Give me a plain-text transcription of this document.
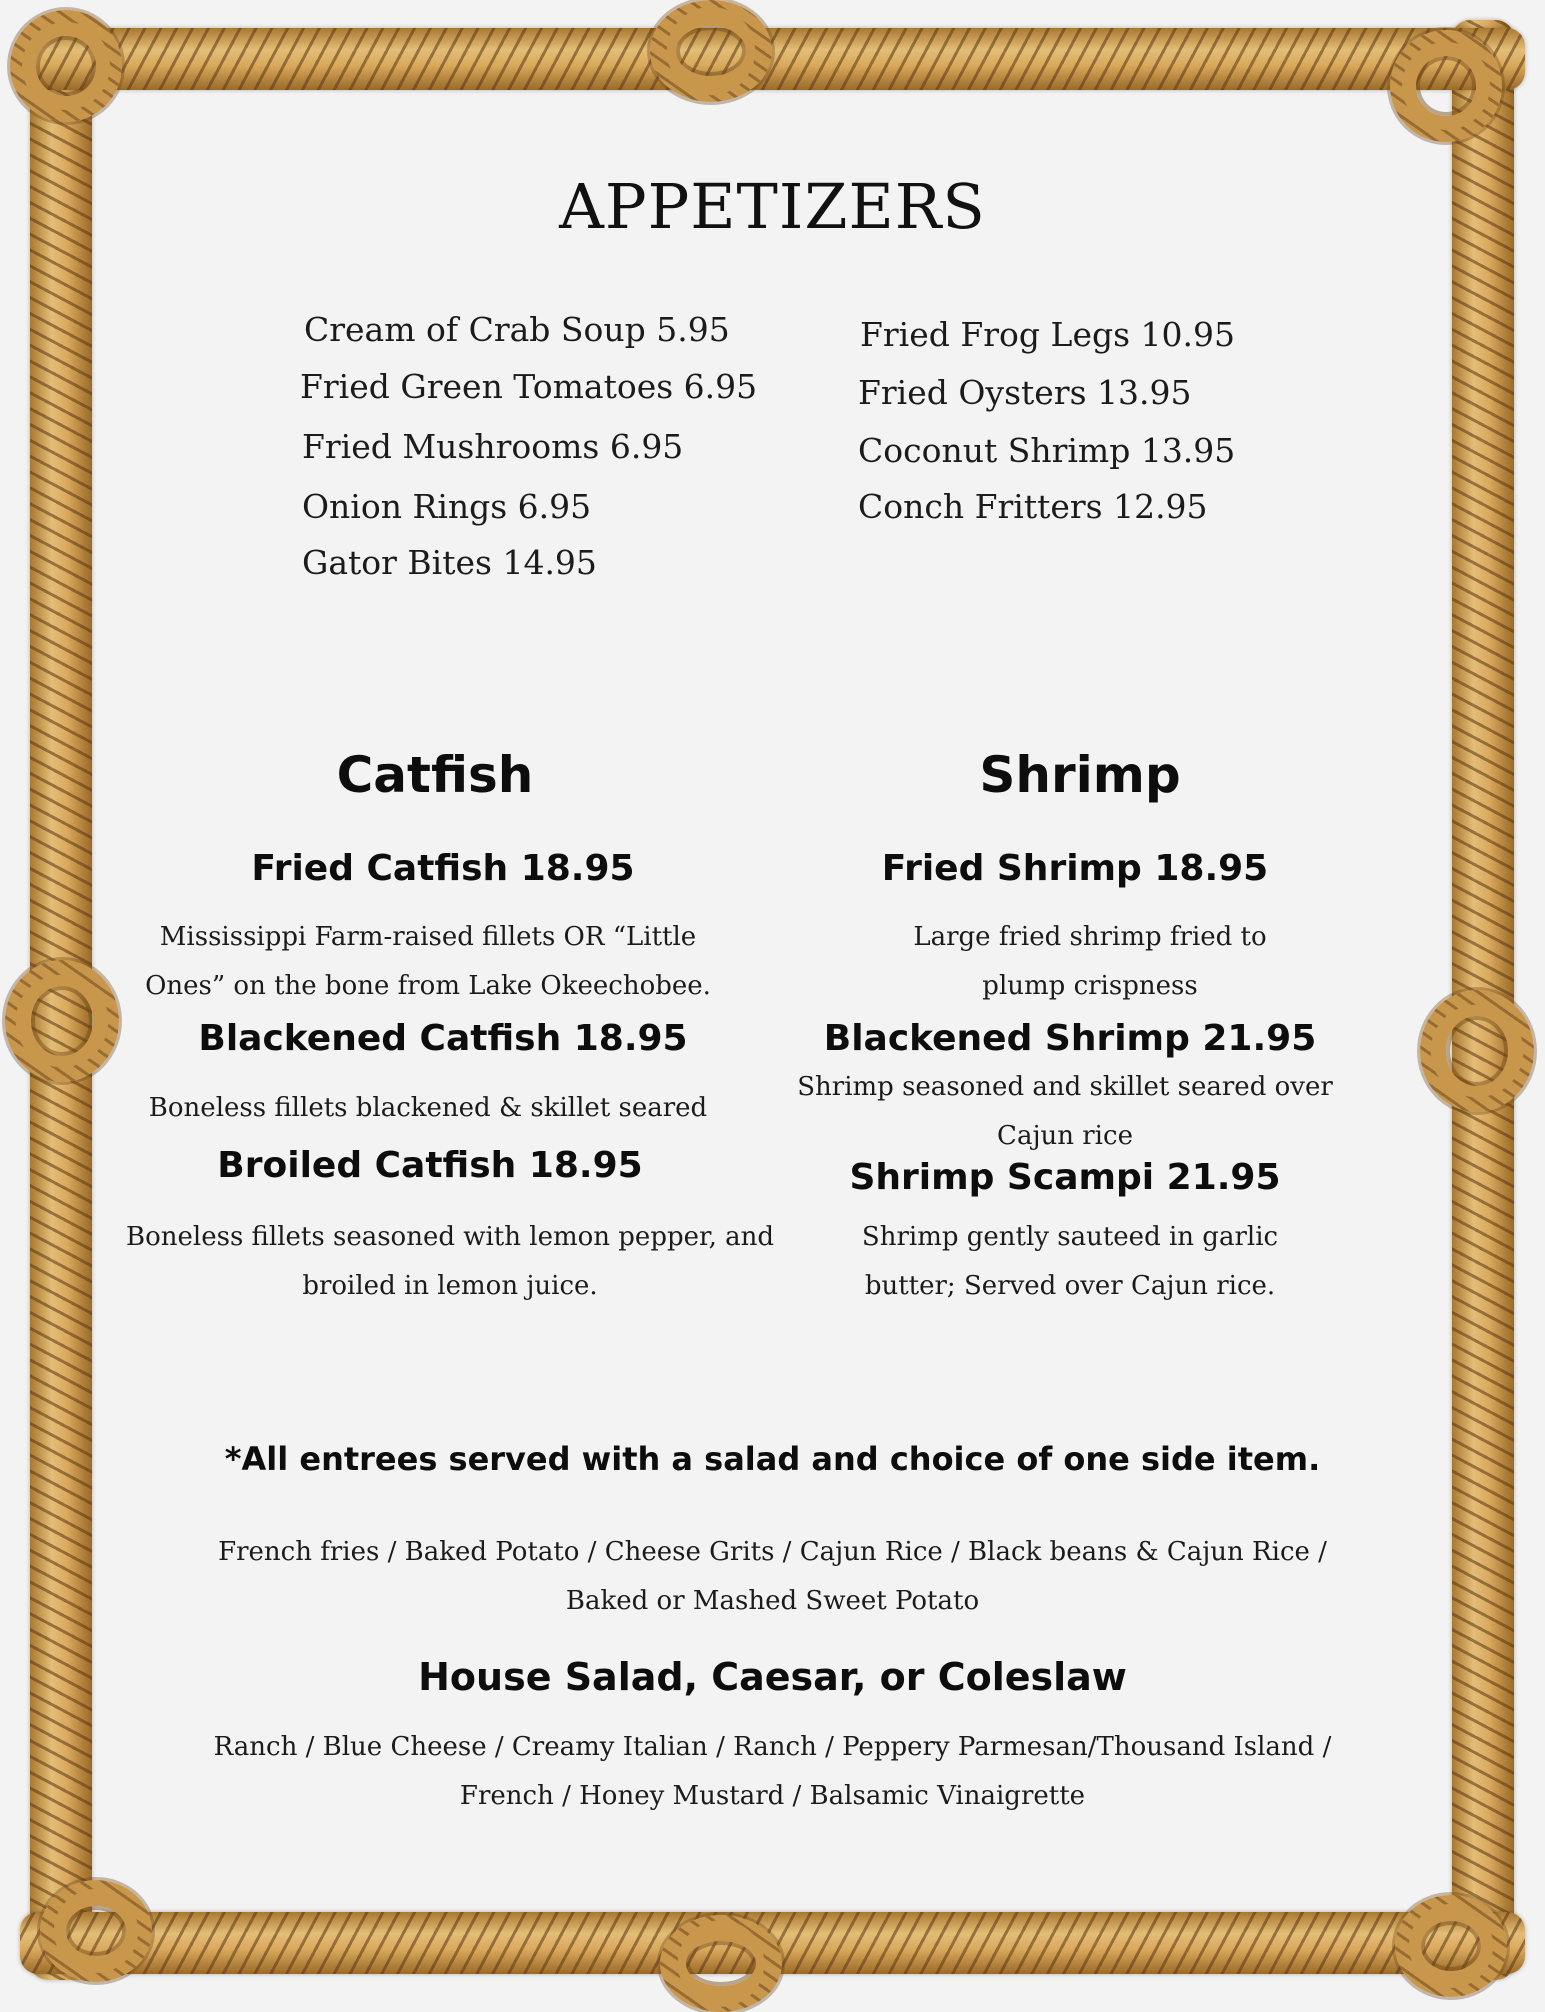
APPETIZERS
Cream of Crab Soup 5.95
Fried Green Tomatoes 6.95
Fried Mushrooms 6.95
Onion Rings 6.95
Gator Bites 14.95
Fried Frog Legs 10.95
Fried Oysters 13.95
Coconut Shrimp 13.95
Conch Fritters 12.95
Catfish
Fried Catfish 18.95
Mississippi Farm-raised fillets OR “Little Ones” on the bone from Lake Okeechobee.
Blackened Catfish 18.95
Boneless fillets blackened & skillet seared
Broiled Catfish 18.95
Boneless fillets seasoned with lemon pepper, and broiled in lemon juice.
Shrimp
Fried Shrimp 18.95
Large fried shrimp fried to plump crispness
Blackened Shrimp 21.95
Shrimp seasoned and skillet seared over Cajun rice
Shrimp Scampi 21.95
Shrimp gently sauteed in garlic butter; Served over Cajun rice.
*All entrees served with a salad and choice of one side item.
French fries / Baked Potato / Cheese Grits / Cajun Rice / Black beans & Cajun Rice /
Baked or Mashed Sweet Potato
House Salad, Caesar, or Coleslaw
Ranch / Blue Cheese / Creamy Italian / Ranch / Peppery Parmesan/Thousand Island /
French / Honey Mustard / Balsamic Vinaigrette
